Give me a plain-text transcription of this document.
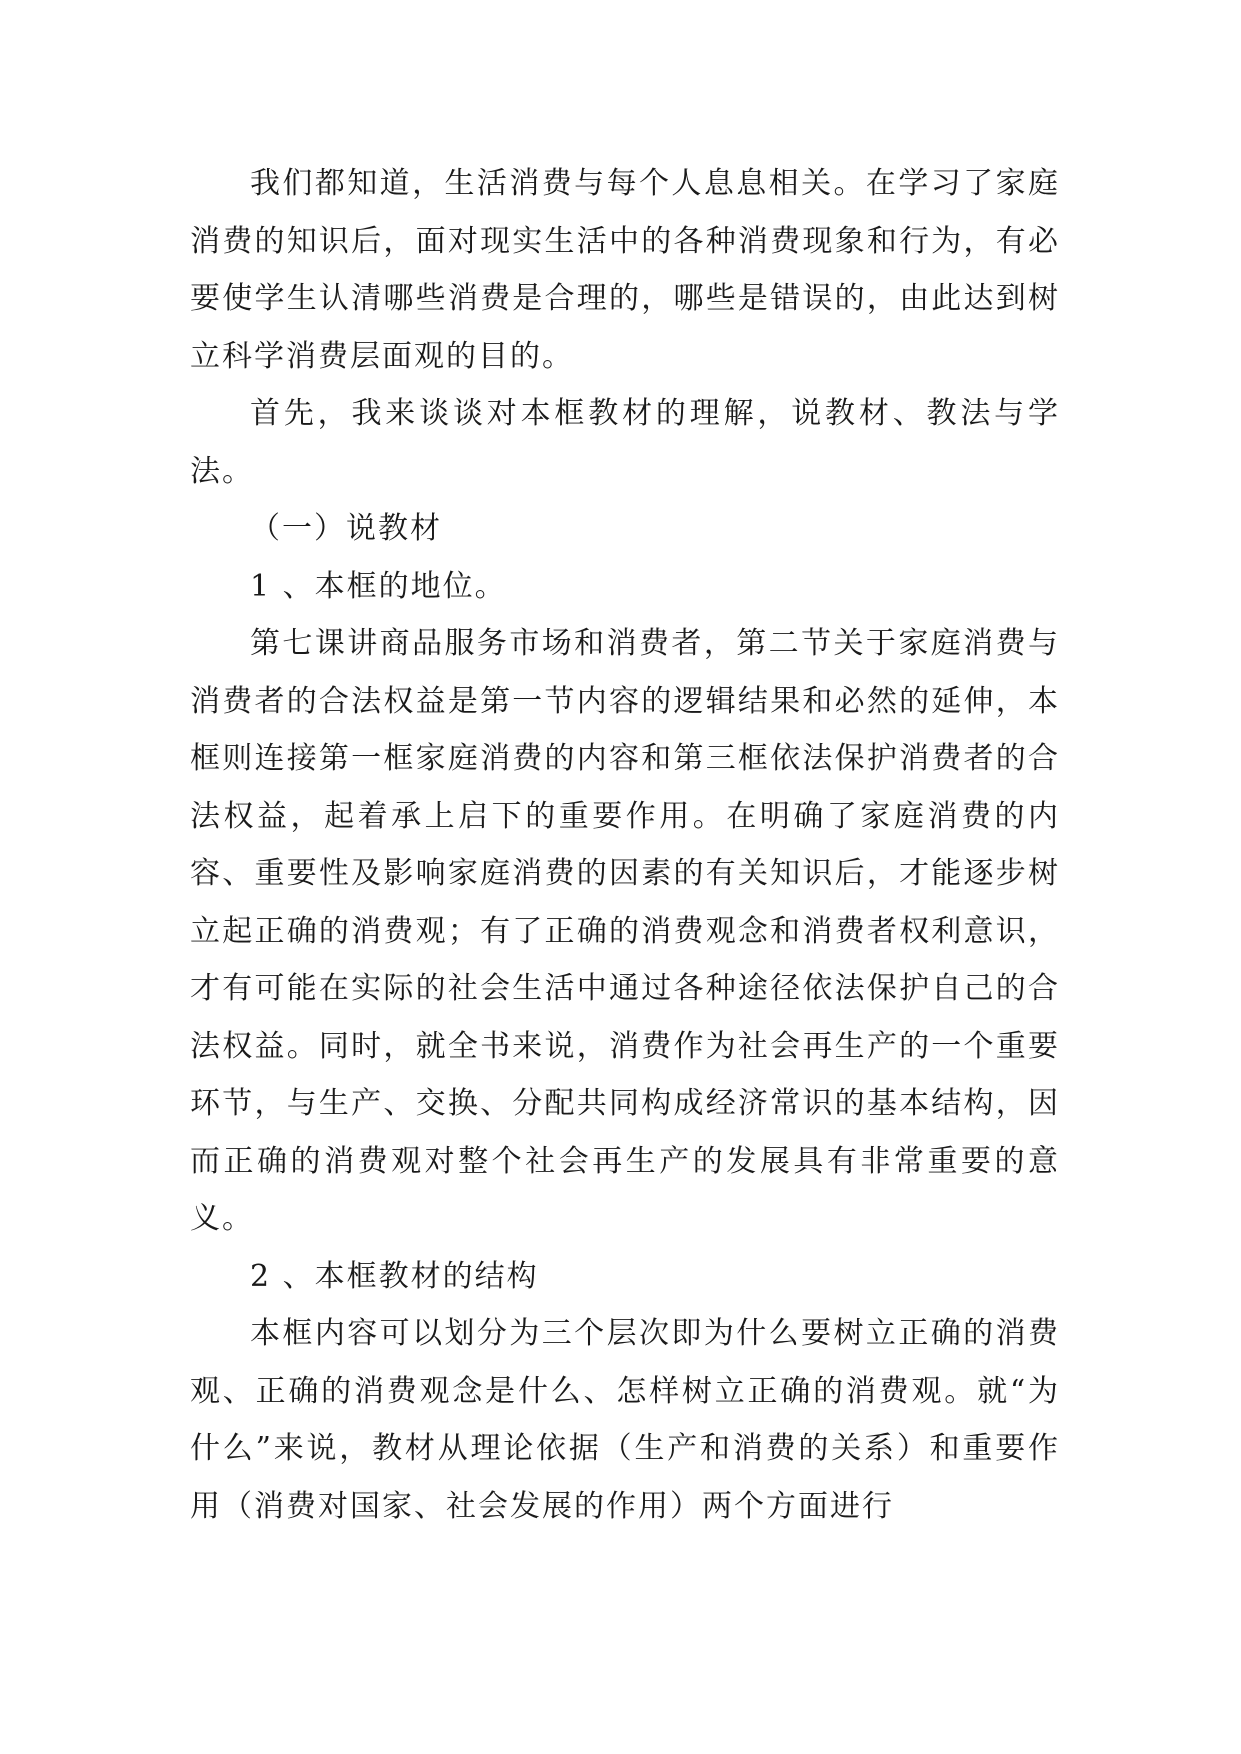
我们都知道，生活消费与每个人息息相关。在学习了家庭消费的知识后，面对现实生活中的各种消费现象和行为，有必要使学生认清哪些消费是合理的，哪些是错误的，由此达到树立科学消费层面观的目的。

首先，我来谈谈对本框教材的理解，说教材、教法与学法。

（一）说教材

1 、本框的地位。

第七课讲商品服务市场和消费者，第二节关于家庭消费与消费者的合法权益是第一节内容的逻辑结果和必然的延伸，本框则连接第一框家庭消费的内容和第三框依法保护消费者的合法权益，起着承上启下的重要作用。在明确了家庭消费的内容、重要性及影响家庭消费的因素的有关知识后，才能逐步树立起正确的消费观；有了正确的消费观念和消费者权利意识，才有可能在实际的社会生活中通过各种途径依法保护自己的合法权益。同时，就全书来说，消费作为社会再生产的一个重要环节，与生产、交换、分配共同构成经济常识的基本结构，因而正确的消费观对整个社会再生产的发展具有非常重要的意义。

2 、本框教材的结构

本框内容可以划分为三个层次即为什么要树立正确的消费观、正确的消费观念是什么、怎样树立正确的消费观。就“为什么”来说，教材从理论依据（生产和消费的关系）和重要作用（消费对国家、社会发展的作用）两个方面进行
